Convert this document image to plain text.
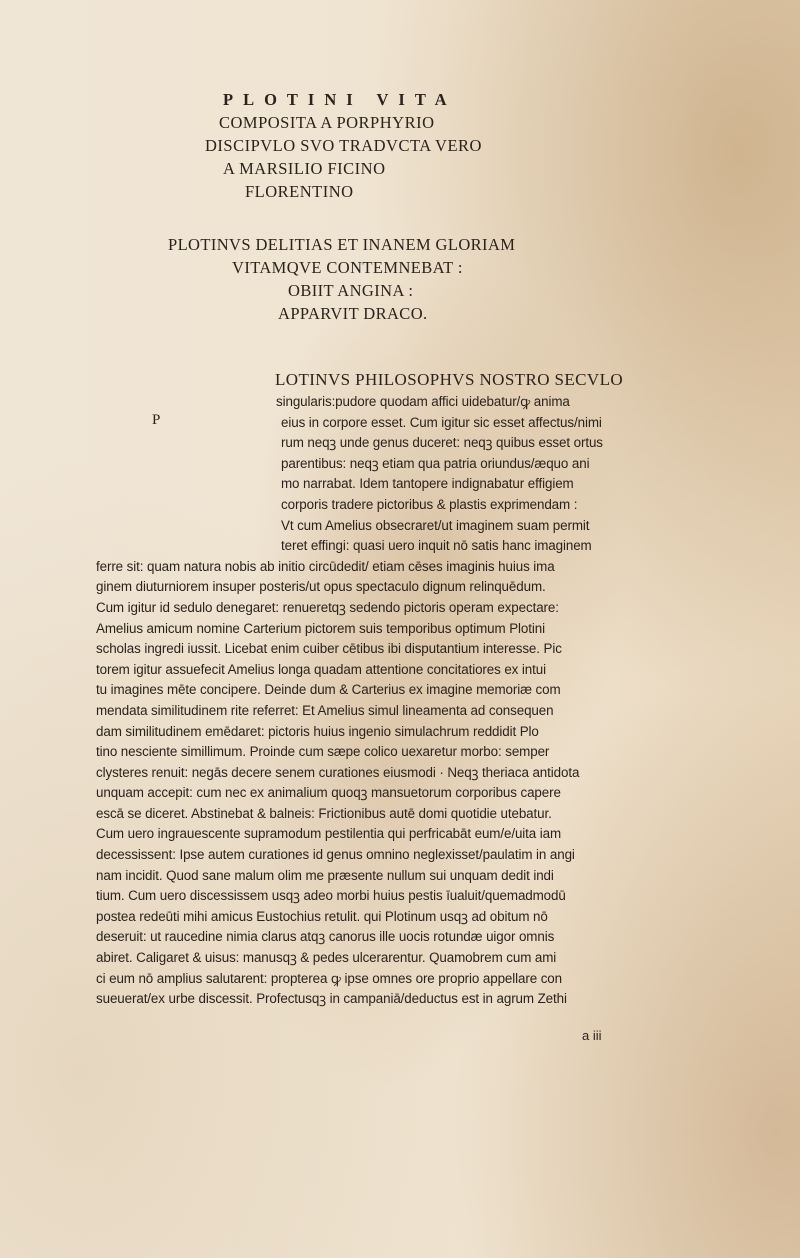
PLOTINI VITA
COMPOSITA A PORPHYRIO
DISCIPVLO SVO TRADVCTA VERO
A MARSILIO FICINO
FLORENTINO
PLOTINVS DELITIAS ET INANEM GLORIAM
VITAMQVE CONTEMNEBAT :
OBIIT ANGINA :
APPARVIT DRACO.
P
LOTINVS PHILOSOPHVS NOSTRO SECVLO
singularis:pudore quodam affici uidebatur/ꝙ anima
eius in corpore esset. Cum igitur sic esset affectus/nimi
rum neqꝫ unde genus duceret: neqꝫ quibus esset ortus
parentibus: neqꝫ etiam qua patria oriundus/æquo ani
mo narrabat. Idem tantopere indignabatur effigiem
corporis tradere pictoribus & plastis exprimendam :
Vt cum Amelius obsecraret/ut imaginem suam permit
teret effingi: quasi uero inquit nō satis hanc imaginem
ferre sit: quam natura nobis ab initio circūdedit/ etiam cēses imaginis huius ima
ginem diuturniorem insuper posteris/ut opus spectaculo dignum relinquēdum.
Cum igitur id sedulo denegaret: renueretqꝫ sedendo pictoris operam expectare:
Amelius amicum nomine Carterium pictorem suis temporibus optimum Plotini
scholas ingredi iussit. Licebat enim cuiber cētibus ibi disputantium interesse. Pic
torem igitur assuefecit Amelius longa quadam attentione concitatiores ex intui
tu imagines mēte concipere. Deinde dum & Carterius ex imagine memoriæ com
mendata similitudinem rite referret: Et Amelius simul lineamenta ad consequen
dam similitudinem emēdaret: pictoris huius ingenio simulachrum reddidit Plo
tino nesciente simillimum. Proinde cum sæpe colico uexaretur morbo: semper
clysteres renuit: negās decere senem curationes eiusmodi · Neqꝫ theriaca antidota
unquam accepit: cum nec ex animalium quoqꝫ mansuetorum corporibus capere
escā se diceret. Abstinebat & balneis: Frictionibus autē domi quotidie utebatur.
Cum uero ingrauescente supramodum pestilentia qui perfricabāt eum/e/uita iam
decessissent: Ipse autem curationes id genus omnino neglexisset/paulatim in angi
nam incidit. Quod sane malum olim me præsente nullum sui unquam dedit indi
tium. Cum uero discessissem usqꝫ adeo morbi huius pestis īualuit/quemadmodū
postea redeūti mihi amicus Eustochius retulit. qui Plotinum usqꝫ ad obitum nō
deseruit: ut raucedine nimia clarus atqꝫ canorus ille uocis rotundæ uigor omnis
abiret. Caligaret & uisus: manusqꝫ & pedes ulcerarentur. Quamobrem cum ami
ci eum nō amplius salutarent: propterea ꝙ ipse omnes ore proprio appellare con
sueuerat/ex urbe discessit. Profectusqꝫ in campaniā/deductus est in agrum Zethi
a iii
